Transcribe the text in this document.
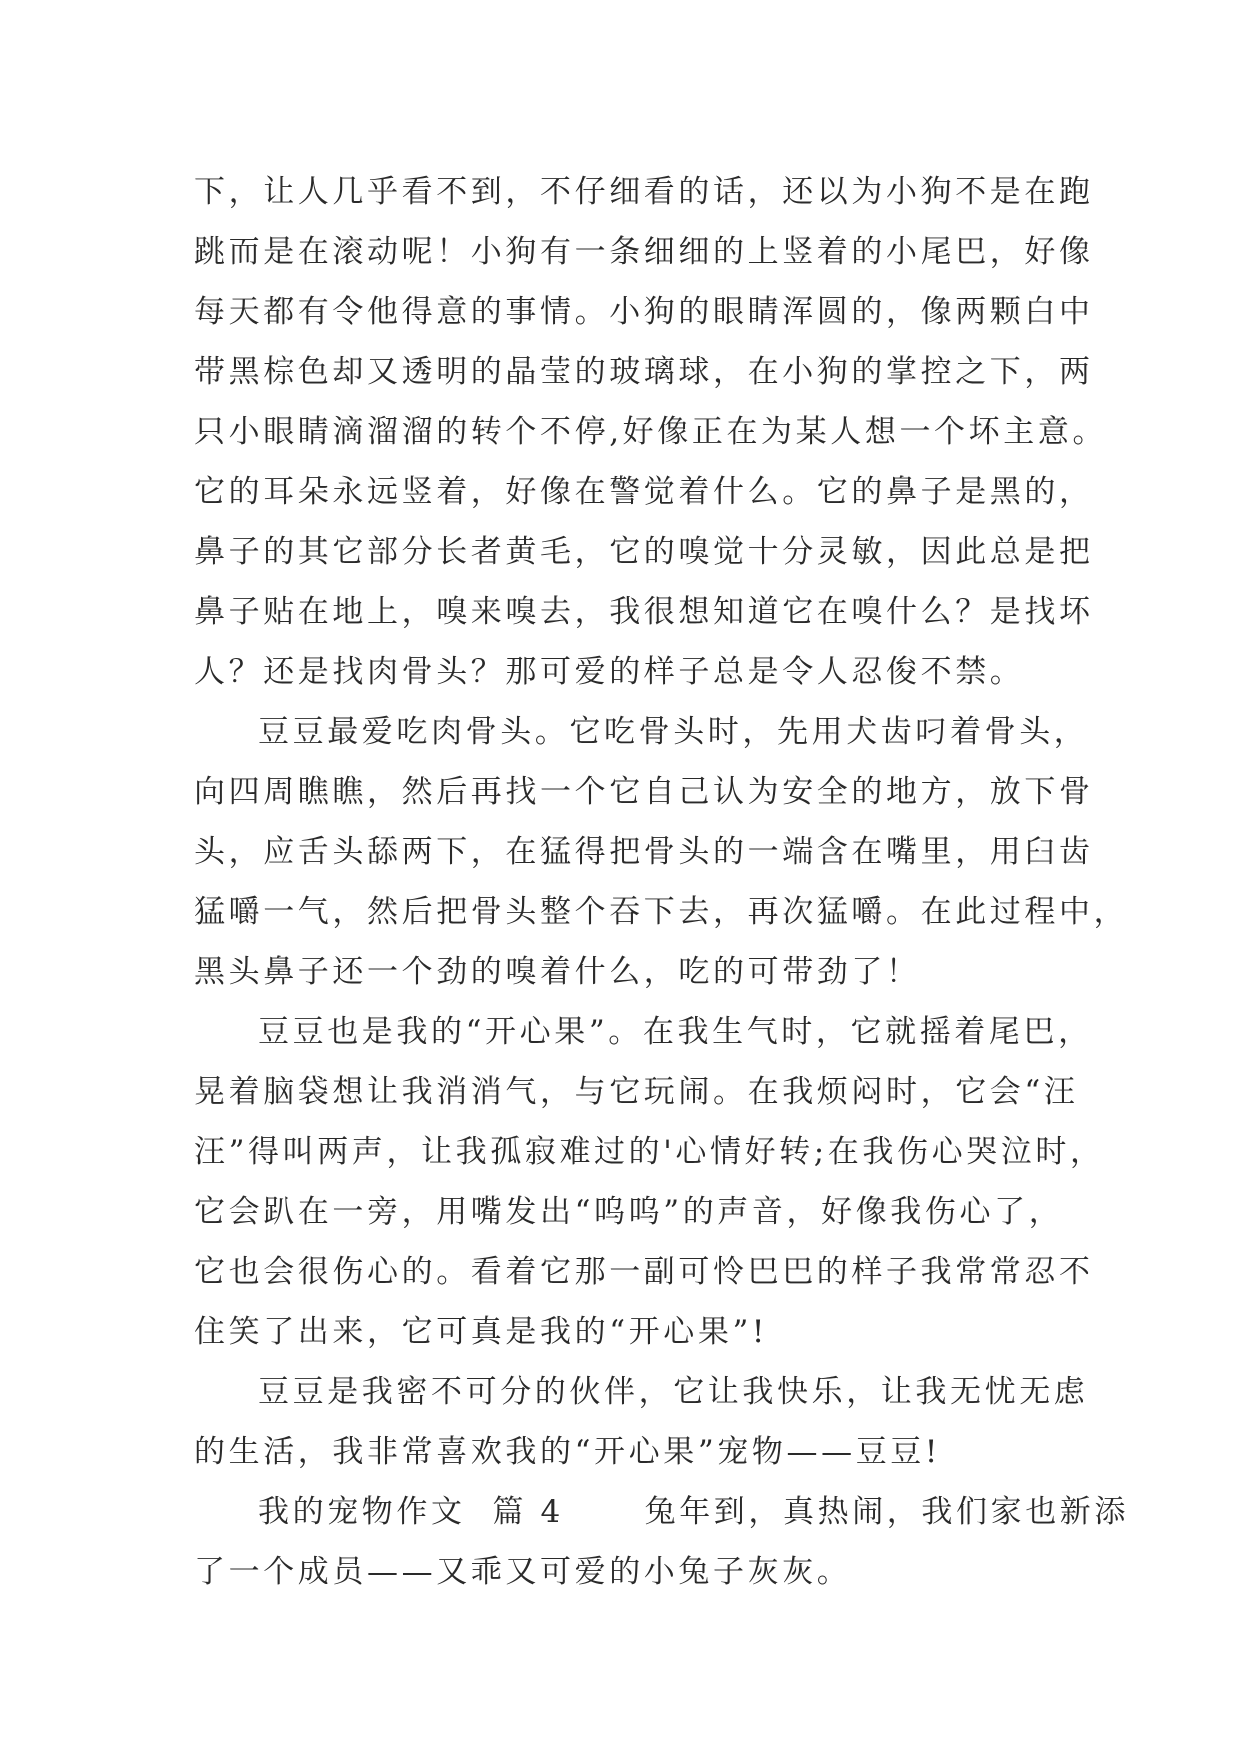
下，让人几乎看不到，不仔细看的话，还以为小狗不是在跑
跳而是在滚动呢！小狗有一条细细的上竖着的小尾巴，好像
每天都有令他得意的事情。小狗的眼睛浑圆的，像两颗白中
带黑棕色却又透明的晶莹的玻璃球，在小狗的掌控之下，两
只小眼睛滴溜溜的转个不停,好像正在为某人想一个坏主意。
它的耳朵永远竖着，好像在警觉着什么。它的鼻子是黑的，
鼻子的其它部分长者黄毛，它的嗅觉十分灵敏，因此总是把
鼻子贴在地上，嗅来嗅去，我很想知道它在嗅什么？是找坏
人？还是找肉骨头？那可爱的样子总是令人忍俊不禁。
豆豆最爱吃肉骨头。它吃骨头时，先用犬齿叼着骨头，
向四周瞧瞧，然后再找一个它自己认为安全的地方，放下骨
头，应舌头舔两下，在猛得把骨头的一端含在嘴里，用臼齿
猛嚼一气，然后把骨头整个吞下去，再次猛嚼。在此过程中，
黑头鼻子还一个劲的嗅着什么，吃的可带劲了！
豆豆也是我的“开心果”。在我生气时，它就摇着尾巴，
晃着脑袋想让我消消气，与它玩闹。在我烦闷时，它会“汪
汪”得叫两声，让我孤寂难过的'心情好转;在我伤心哭泣时，
它会趴在一旁，用嘴发出“呜呜”的声音，好像我伤心了，
它也会很伤心的。看着它那一副可怜巴巴的样子我常常忍不
住笑了出来，它可真是我的“开心果”!
豆豆是我密不可分的伙伴，它让我快乐，让我无忧无虑
的生活，我非常喜欢我的“开心果”宠物——豆豆!
我的宠物作文  篇 4      兔年到，真热闹，我们家也新添
了一个成员——又乖又可爱的小兔子灰灰。
